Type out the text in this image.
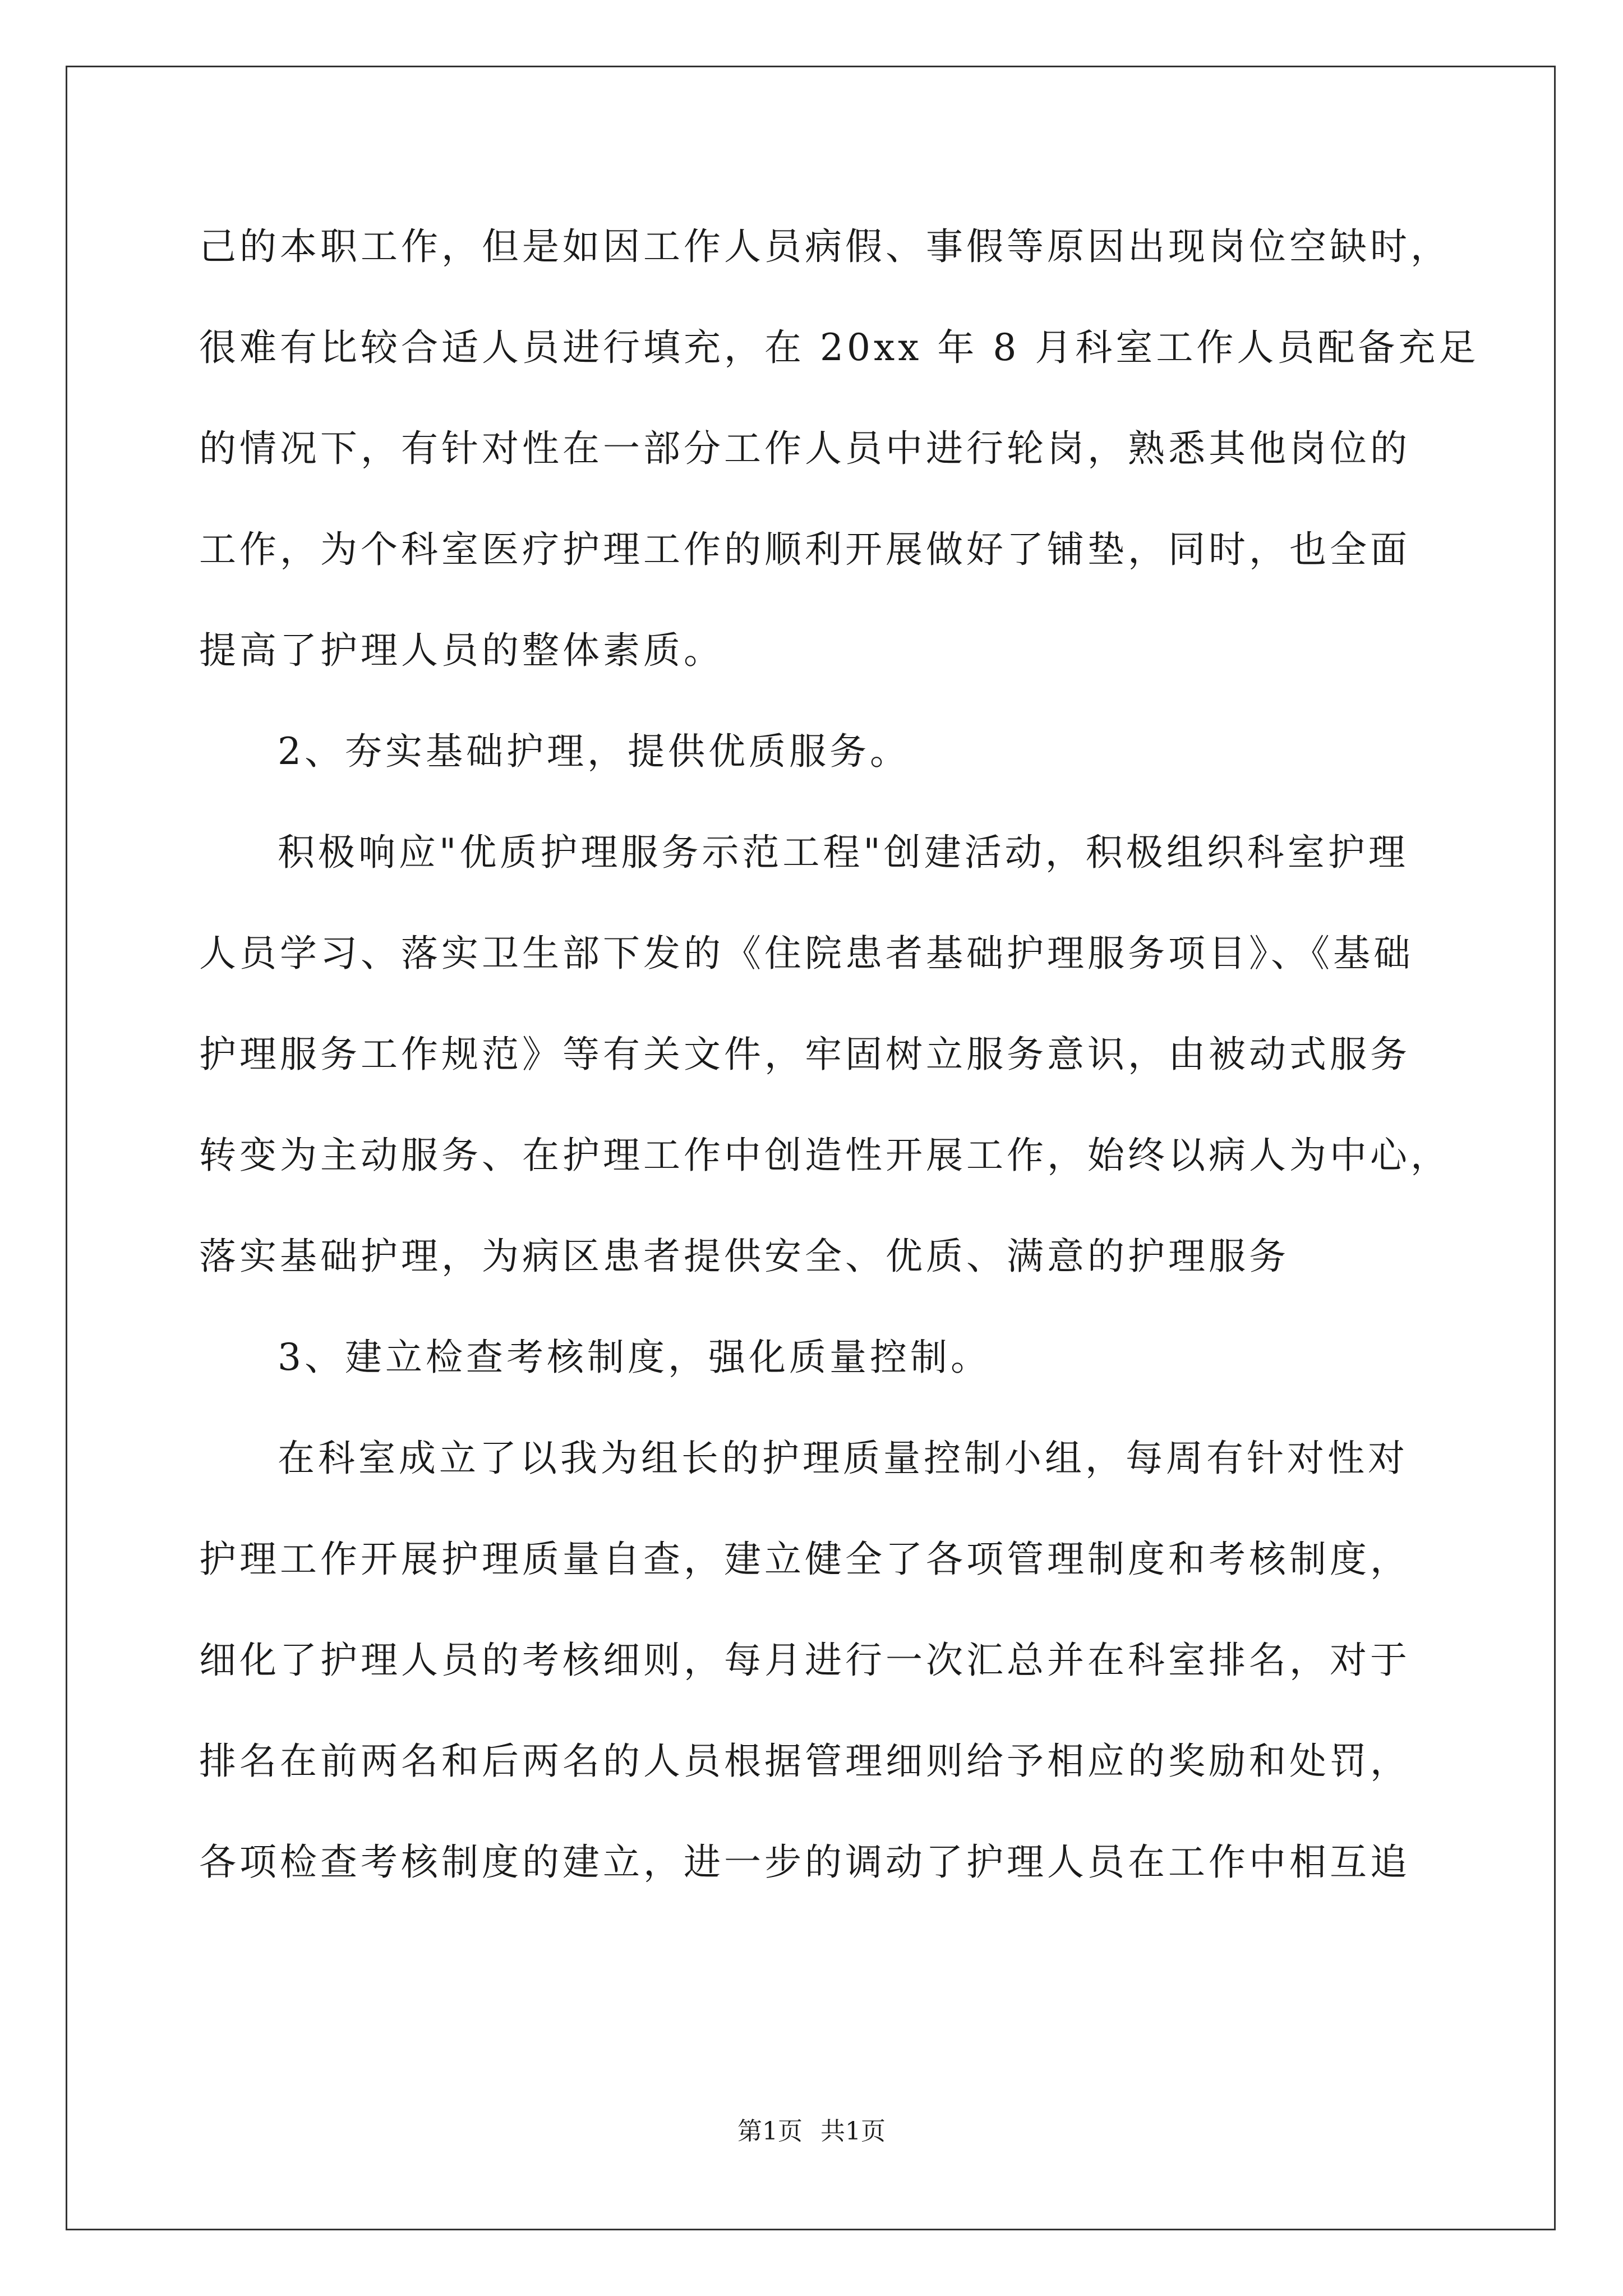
己的本职工作，但是如因工作人员病假、事假等原因出现岗位空缺时，
很难有比较合适人员进行填充，在 20xx 年 8 月科室工作人员配备充足
的情况下，有针对性在一部分工作人员中进行轮岗，熟悉其他岗位的
工作，为个科室医疗护理工作的顺利开展做好了铺垫，同时，也全面
提高了护理人员的整体素质。
2、夯实基础护理，提供优质服务。
积极响应"优质护理服务示范工程"创建活动，积极组织科室护理
人员学习、落实卫生部下发的《住院患者基础护理服务项目》、《基础
护理服务工作规范》等有关文件，牢固树立服务意识，由被动式服务
转变为主动服务、在护理工作中创造性开展工作，始终以病人为中心，
落实基础护理，为病区患者提供安全、优质、满意的护理服务
3、建立检查考核制度，强化质量控制。
在科室成立了以我为组长的护理质量控制小组，每周有针对性对
护理工作开展护理质量自查，建立健全了各项管理制度和考核制度，
细化了护理人员的考核细则，每月进行一次汇总并在科室排名，对于
排名在前两名和后两名的人员根据管理细则给予相应的奖励和处罚，
各项检查考核制度的建立，进一步的调动了护理人员在工作中相互追
第1页 共1页
